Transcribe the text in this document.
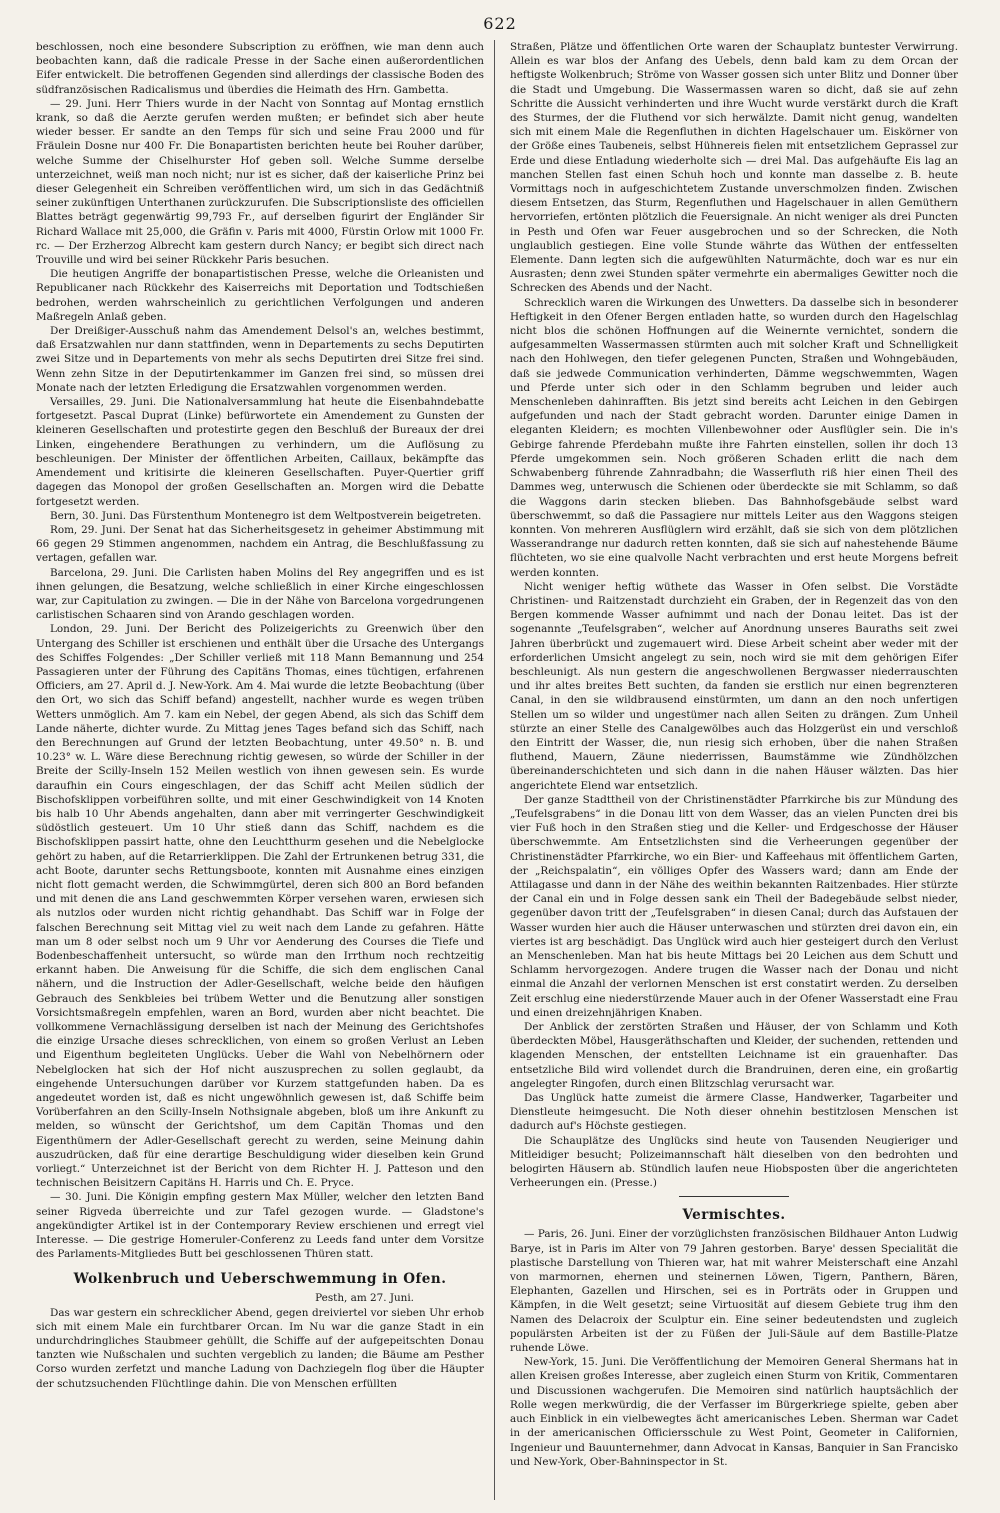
622

beschlossen, noch eine besondere Subscription zu eröffnen, wie man denn auch beobachten kann, daß die radicale Presse in der Sache einen außerordentlichen Eifer entwickelt. Die betroffenen Gegenden sind allerdings der classische Boden des südfranzösischen Radicalismus und überdies die Heimath des Hrn. Gambetta.

— 29. Juni. Herr Thiers wurde in der Nacht von Sonntag auf Montag ernstlich krank, so daß die Aerzte gerufen werden mußten; er befindet sich aber heute wieder besser. Er sandte an den Temps für sich und seine Frau 2000 und für Fräulein Dosne nur 400 Fr. Die Bonapartisten berichten heute bei Rouher darüber, welche Summe der Chiselhurster Hof geben soll. Welche Summe derselbe unterzeichnet, weiß man noch nicht; nur ist es sicher, daß der kaiserliche Prinz bei dieser Gelegenheit ein Schreiben veröffentlichen wird, um sich in das Gedächtniß seiner zukünftigen Unterthanen zurückzurufen. Die Subscriptionsliste des officiellen Blattes beträgt gegenwärtig 99,793 Fr., auf derselben figurirt der Engländer Sir Richard Wallace mit 25,000, die Gräfin v. Paris mit 4000, Fürstin Orlow mit 1000 Fr. rc. — Der Erzherzog Albrecht kam gestern durch Nancy; er begibt sich direct nach Trouville und wird bei seiner Rückkehr Paris besuchen.

Die heutigen Angriffe der bonapartistischen Presse, welche die Orleanisten und Republicaner nach Rückkehr des Kaiserreichs mit Deportation und Todtschießen bedrohen, werden wahrscheinlich zu gerichtlichen Verfolgungen und anderen Maßregeln Anlaß geben.

Der Dreißiger-Ausschuß nahm das Amendement Delsol's an, welches bestimmt, daß Ersatzwahlen nur dann stattfinden, wenn in Departements zu sechs Deputirten zwei Sitze und in Departements von mehr als sechs Deputirten drei Sitze frei sind. Wenn zehn Sitze in der Deputirtenkammer im Ganzen frei sind, so müssen drei Monate nach der letzten Erledigung die Ersatzwahlen vorgenommen werden.

Versailles, 29. Juni. Die Nationalversammlung hat heute die Eisenbahndebatte fortgesetzt. Pascal Duprat (Linke) befürwortete ein Amendement zu Gunsten der kleineren Gesellschaften und protestirte gegen den Beschluß der Bureaux der drei Linken, eingehendere Berathungen zu verhindern, um die Auflösung zu beschleunigen. Der Minister der öffentlichen Arbeiten, Caillaux, bekämpfte das Amendement und kritisirte die kleineren Gesellschaften. Puyer-Quertier griff dagegen das Monopol der großen Gesellschaften an. Morgen wird die Debatte fortgesetzt werden.

Bern, 30. Juni. Das Fürstenthum Montenegro ist dem Weltpostverein beigetreten.

Rom, 29. Juni. Der Senat hat das Sicherheitsgesetz in geheimer Abstimmung mit 66 gegen 29 Stimmen angenommen, nachdem ein Antrag, die Beschlußfassung zu vertagen, gefallen war.

Barcelona, 29. Juni. Die Carlisten haben Molins del Rey angegriffen und es ist ihnen gelungen, die Besatzung, welche schließlich in einer Kirche eingeschlossen war, zur Capitulation zu zwingen. — Die in der Nähe von Barcelona vorgedrungenen carlistischen Schaaren sind von Arando geschlagen worden.

London, 29. Juni. Der Bericht des Polizeigerichts zu Greenwich über den Untergang des Schiller ist erschienen und enthält über die Ursache des Untergangs des Schiffes Folgendes: „Der Schiller verließ mit 118 Mann Bemannung und 254 Passagieren unter der Führung des Capitäns Thomas, eines tüchtigen, erfahrenen Officiers, am 27. April d. J. New-York. Am 4. Mai wurde die letzte Beobachtung (über den Ort, wo sich das Schiff befand) angestellt, nachher wurde es wegen trüben Wetters unmöglich. Am 7. kam ein Nebel, der gegen Abend, als sich das Schiff dem Lande näherte, dichter wurde. Zu Mittag jenes Tages befand sich das Schiff, nach den Berechnungen auf Grund der letzten Beobachtung, unter 49.50° n. B. und 10.23° w. L. Wäre diese Berechnung richtig gewesen, so würde der Schiller in der Breite der Scilly-Inseln 152 Meilen westlich von ihnen gewesen sein. Es wurde daraufhin ein Cours eingeschlagen, der das Schiff acht Meilen südlich der Bischofsklippen vorbeiführen sollte, und mit einer Geschwindigkeit von 14 Knoten bis halb 10 Uhr Abends angehalten, dann aber mit verringerter Geschwindigkeit südöstlich gesteuert. Um 10 Uhr stieß dann das Schiff, nachdem es die Bischofsklippen passirt hatte, ohne den Leuchtthurm gesehen und die Nebelglocke gehört zu haben, auf die Retarrierklippen. Die Zahl der Ertrunkenen betrug 331, die acht Boote, darunter sechs Rettungsboote, konnten mit Ausnahme eines einzigen nicht flott gemacht werden, die Schwimmgürtel, deren sich 800 an Bord befanden und mit denen die ans Land geschwemmten Körper versehen waren, erwiesen sich als nutzlos oder wurden nicht richtig gehandhabt. Das Schiff war in Folge der falschen Berechnung seit Mittag viel zu weit nach dem Lande zu gefahren. Hätte man um 8 oder selbst noch um 9 Uhr vor Aenderung des Courses die Tiefe und Bodenbeschaffenheit untersucht, so würde man den Irrthum noch rechtzeitig erkannt haben. Die Anweisung für die Schiffe, die sich dem englischen Canal nähern, und die Instruction der Adler-Gesellschaft, welche beide den häufigen Gebrauch des Senkbleies bei trübem Wetter und die Benutzung aller sonstigen Vorsichtsmaßregeln empfehlen, waren an Bord, wurden aber nicht beachtet. Die vollkommene Vernachlässigung derselben ist nach der Meinung des Gerichtshofes die einzige Ursache dieses schrecklichen, von einem so großen Verlust an Leben und Eigenthum begleiteten Unglücks. Ueber die Wahl von Nebelhörnern oder Nebelglocken hat sich der Hof nicht auszusprechen zu sollen geglaubt, da eingehende Untersuchungen darüber vor Kurzem stattgefunden haben. Da es angedeutet worden ist, daß es nicht ungewöhnlich gewesen ist, daß Schiffe beim Vorüberfahren an den Scilly-Inseln Nothsignale abgeben, bloß um ihre Ankunft zu melden, so wünscht der Gerichtshof, um dem Capitän Thomas und den Eigenthümern der Adler-Gesellschaft gerecht zu werden, seine Meinung dahin auszudrücken, daß für eine derartige Beschuldigung wider dieselben kein Grund vorliegt.“ Unterzeichnet ist der Bericht von dem Richter H. J. Patteson und den technischen Beisitzern Capitäns H. Harris und Ch. E. Pryce.

— 30. Juni. Die Königin empfing gestern Max Müller, welcher den letzten Band seiner Rigveda überreichte und zur Tafel gezogen wurde. — Gladstone's angekündigter Artikel ist in der Contemporary Review erschienen und erregt viel Interesse. — Die gestrige Homeruler-Conferenz zu Leeds fand unter dem Vorsitze des Parlaments-Mitgliedes Butt bei geschlossenen Thüren statt.

Wolkenbruch und Ueberschwemmung in Ofen.

Pesth, am 27. Juni.

Das war gestern ein schrecklicher Abend, gegen dreiviertel vor sieben Uhr erhob sich mit einem Male ein furchtbarer Orcan. Im Nu war die ganze Stadt in ein undurchdringliches Staubmeer gehüllt, die Schiffe auf der aufgepeitschten Donau tanzten wie Nußschalen und suchten vergeblich zu landen; die Bäume am Pesther Corso wurden zerfetzt und manche Ladung von Dachziegeln flog über die Häupter der schutzsuchenden Flüchtlinge dahin. Die von Menschen erfüllten

Straßen, Plätze und öffentlichen Orte waren der Schauplatz buntester Verwirrung. Allein es war blos der Anfang des Uebels, denn bald kam zu dem Orcan der heftigste Wolkenbruch; Ströme von Wasser gossen sich unter Blitz und Donner über die Stadt und Umgebung. Die Wassermassen waren so dicht, daß sie auf zehn Schritte die Aussicht verhinderten und ihre Wucht wurde verstärkt durch die Kraft des Sturmes, der die Fluthend vor sich herwälzte. Damit nicht genug, wandelten sich mit einem Male die Regenfluthen in dichten Hagelschauer um. Eiskörner von der Größe eines Taubeneis, selbst Hühnereis fielen mit entsetzlichem Geprassel zur Erde und diese Entladung wiederholte sich — drei Mal. Das aufgehäufte Eis lag an manchen Stellen fast einen Schuh hoch und konnte man dasselbe z. B. heute Vormittags noch in aufgeschichtetem Zustande unverschmolzen finden. Zwischen diesem Entsetzen, das Sturm, Regenfluthen und Hagelschauer in allen Gemüthern hervorriefen, ertönten plötzlich die Feuersignale. An nicht weniger als drei Puncten in Pesth und Ofen war Feuer ausgebrochen und so der Schrecken, die Noth unglaublich gestiegen. Eine volle Stunde währte das Wüthen der entfesselten Elemente. Dann legten sich die aufgewühlten Naturmächte, doch war es nur ein Ausrasten; denn zwei Stunden später vermehrte ein abermaliges Gewitter noch die Schrecken des Abends und der Nacht.

Schrecklich waren die Wirkungen des Unwetters. Da dasselbe sich in besonderer Heftigkeit in den Ofener Bergen entladen hatte, so wurden durch den Hagelschlag nicht blos die schönen Hoffnungen auf die Weinernte vernichtet, sondern die aufgesammelten Wassermassen stürmten auch mit solcher Kraft und Schnelligkeit nach den Hohlwegen, den tiefer gelegenen Puncten, Straßen und Wohngebäuden, daß sie jedwede Communication verhinderten, Dämme wegschwemmten, Wagen und Pferde unter sich oder in den Schlamm begruben und leider auch Menschenleben dahinrafften. Bis jetzt sind bereits acht Leichen in den Gebirgen aufgefunden und nach der Stadt gebracht worden. Darunter einige Damen in eleganten Kleidern; es mochten Villenbewohner oder Ausflügler sein. Die in's Gebirge fahrende Pferdebahn mußte ihre Fahrten einstellen, sollen ihr doch 13 Pferde umgekommen sein. Noch größeren Schaden erlitt die nach dem Schwabenberg führende Zahnradbahn; die Wasserfluth riß hier einen Theil des Dammes weg, unterwusch die Schienen oder überdeckte sie mit Schlamm, so daß die Waggons darin stecken blieben. Das Bahnhofsgebäude selbst ward überschwemmt, so daß die Passagiere nur mittels Leiter aus den Waggons steigen konnten. Von mehreren Ausflüglern wird erzählt, daß sie sich von dem plötzlichen Wasserandrange nur dadurch retten konnten, daß sie sich auf nahestehende Bäume flüchteten, wo sie eine qualvolle Nacht verbrachten und erst heute Morgens befreit werden konnten.

Nicht weniger heftig wüthete das Wasser in Ofen selbst. Die Vorstädte Christinen- und Raitzenstadt durchzieht ein Graben, der in Regenzeit das von den Bergen kommende Wasser aufnimmt und nach der Donau leitet. Das ist der sogenannte „Teufelsgraben“, welcher auf Anordnung unseres Bauraths seit zwei Jahren überbrückt und zugemauert wird. Diese Arbeit scheint aber weder mit der erforderlichen Umsicht angelegt zu sein, noch wird sie mit dem gehörigen Eifer beschleunigt. Als nun gestern die angeschwollenen Bergwasser niederrauschten und ihr altes breites Bett suchten, da fanden sie erstlich nur einen begrenzteren Canal, in den sie wildbrausend einstürmten, um dann an den noch unfertigen Stellen um so wilder und ungestümer nach allen Seiten zu drängen. Zum Unheil stürzte an einer Stelle des Canalgewölbes auch das Holzgerüst ein und verschloß den Eintritt der Wasser, die, nun riesig sich erhoben, über die nahen Straßen fluthend, Mauern, Zäune niederrissen, Baumstämme wie Zündhölzchen übereinanderschichteten und sich dann in die nahen Häuser wälzten. Das hier angerichtete Elend war entsetzlich.

Der ganze Stadttheil von der Christinenstädter Pfarrkirche bis zur Mündung des „Teufelsgrabens“ in die Donau litt von dem Wasser, das an vielen Puncten drei bis vier Fuß hoch in den Straßen stieg und die Keller- und Erdgeschosse der Häuser überschwemmte. Am Entsetzlichsten sind die Verheerungen gegenüber der Christinenstädter Pfarrkirche, wo ein Bier- und Kaffeehaus mit öffentlichem Garten, der „Reichspalatin“, ein völliges Opfer des Wassers ward; dann am Ende der Attilagasse und dann in der Nähe des weithin bekannten Raitzenbades. Hier stürzte der Canal ein und in Folge dessen sank ein Theil der Badegebäude selbst nieder, gegenüber davon tritt der „Teufelsgraben“ in diesen Canal; durch das Aufstauen der Wasser wurden hier auch die Häuser unterwaschen und stürzten drei davon ein, ein viertes ist arg beschädigt. Das Unglück wird auch hier gesteigert durch den Verlust an Menschenleben. Man hat bis heute Mittags bei 20 Leichen aus dem Schutt und Schlamm hervorgezogen. Andere trugen die Wasser nach der Donau und nicht einmal die Anzahl der verlornen Menschen ist erst constatirt werden. Zu derselben Zeit erschlug eine niederstürzende Mauer auch in der Ofener Wasserstadt eine Frau und einen dreizehnjährigen Knaben.

Der Anblick der zerstörten Straßen und Häuser, der von Schlamm und Koth überdeckten Möbel, Hausgeräthschaften und Kleider, der suchenden, rettenden und klagenden Menschen, der entstellten Leichname ist ein grauenhafter. Das entsetzliche Bild wird vollendet durch die Brandruinen, deren eine, ein großartig angelegter Ringofen, durch einen Blitzschlag verursacht war.

Das Unglück hatte zumeist die ärmere Classe, Handwerker, Tagarbeiter und Dienstleute heimgesucht. Die Noth dieser ohnehin bestitzlosen Menschen ist dadurch auf's Höchste gestiegen.

Die Schauplätze des Unglücks sind heute von Tausenden Neugieriger und Mitleidiger besucht; Polizeimannschaft hält dieselben von den bedrohten und belogirten Häusern ab. Stündlich laufen neue Hiobsposten über die angerichteten Verheerungen ein. (Presse.)

Vermischtes.

— Paris, 26. Juni. Einer der vorzüglichsten französischen Bildhauer Anton Ludwig Barye, ist in Paris im Alter von 79 Jahren gestorben. Barye' dessen Specialität die plastische Darstellung von Thieren war, hat mit wahrer Meisterschaft eine Anzahl von marmornen, ehernen und steinernen Löwen, Tigern, Panthern, Bären, Elephanten, Gazellen und Hirschen, sei es in Porträts oder in Gruppen und Kämpfen, in die Welt gesetzt; seine Virtuosität auf diesem Gebiete trug ihm den Namen des Delacroix der Sculptur ein. Eine seiner bedeutendsten und zugleich populärsten Arbeiten ist der zu Füßen der Juli-Säule auf dem Bastille-Platze ruhende Löwe.

New-York, 15. Juni. Die Veröffentlichung der Memoiren General Shermans hat in allen Kreisen großes Interesse, aber zugleich einen Sturm von Kritik, Commentaren und Discussionen wachgerufen. Die Memoiren sind natürlich hauptsächlich der Rolle wegen merkwürdig, die der Verfasser im Bürgerkriege spielte, geben aber auch Einblick in ein vielbewegtes ächt americanisches Leben. Sherman war Cadet in der americanischen Officiersschule zu West Point, Geometer in Californien, Ingenieur und Bauunternehmer, dann Advocat in Kansas, Banquier in San Francisko und New-York, Ober-Bahninspector in St.
